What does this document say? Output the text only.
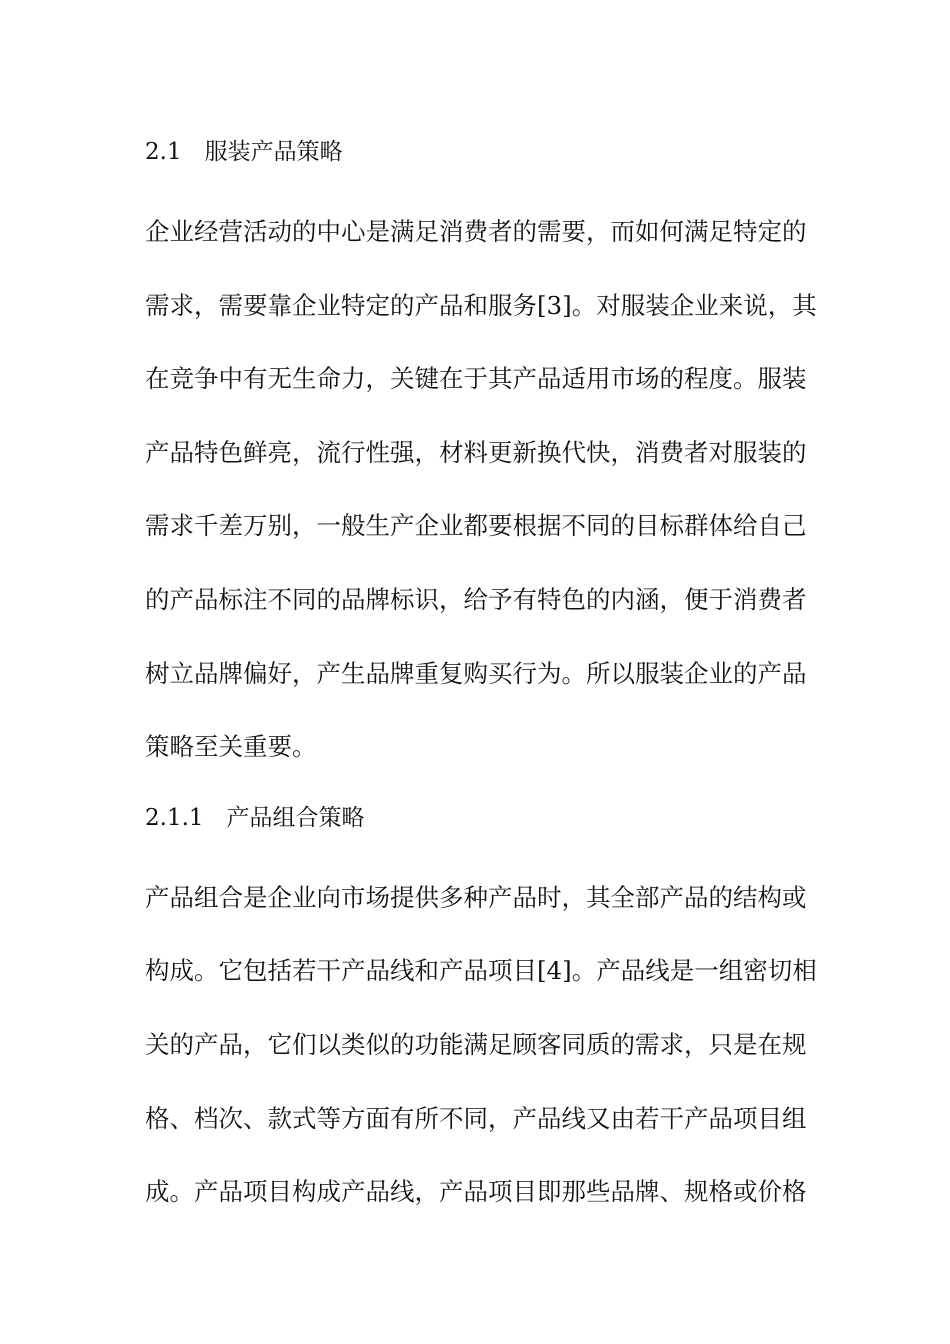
2.1　服装产品策略
企业经营活动的中心是满足消费者的需要，而如何满足特定的
需求，需要靠企业特定的产品和服务[3]。对服装企业来说，其
在竞争中有无生命力，关键在于其产品适用市场的程度。服装
产品特色鲜亮，流行性强，材料更新换代快，消费者对服装的
需求千差万别，一般生产企业都要根据不同的目标群体给自己
的产品标注不同的品牌标识，给予有特色的内涵，便于消费者
树立品牌偏好，产生品牌重复购买行为。所以服装企业的产品
策略至关重要。
2.1.1　产品组合策略
产品组合是企业向市场提供多种产品时，其全部产品的结构或
构成。它包括若干产品线和产品项目[4]。产品线是一组密切相
关的产品，它们以类似的功能满足顾客同质的需求，只是在规
格、档次、款式等方面有所不同，产品线又由若干产品项目组
成。产品项目构成产品线，产品项目即那些品牌、规格或价格
